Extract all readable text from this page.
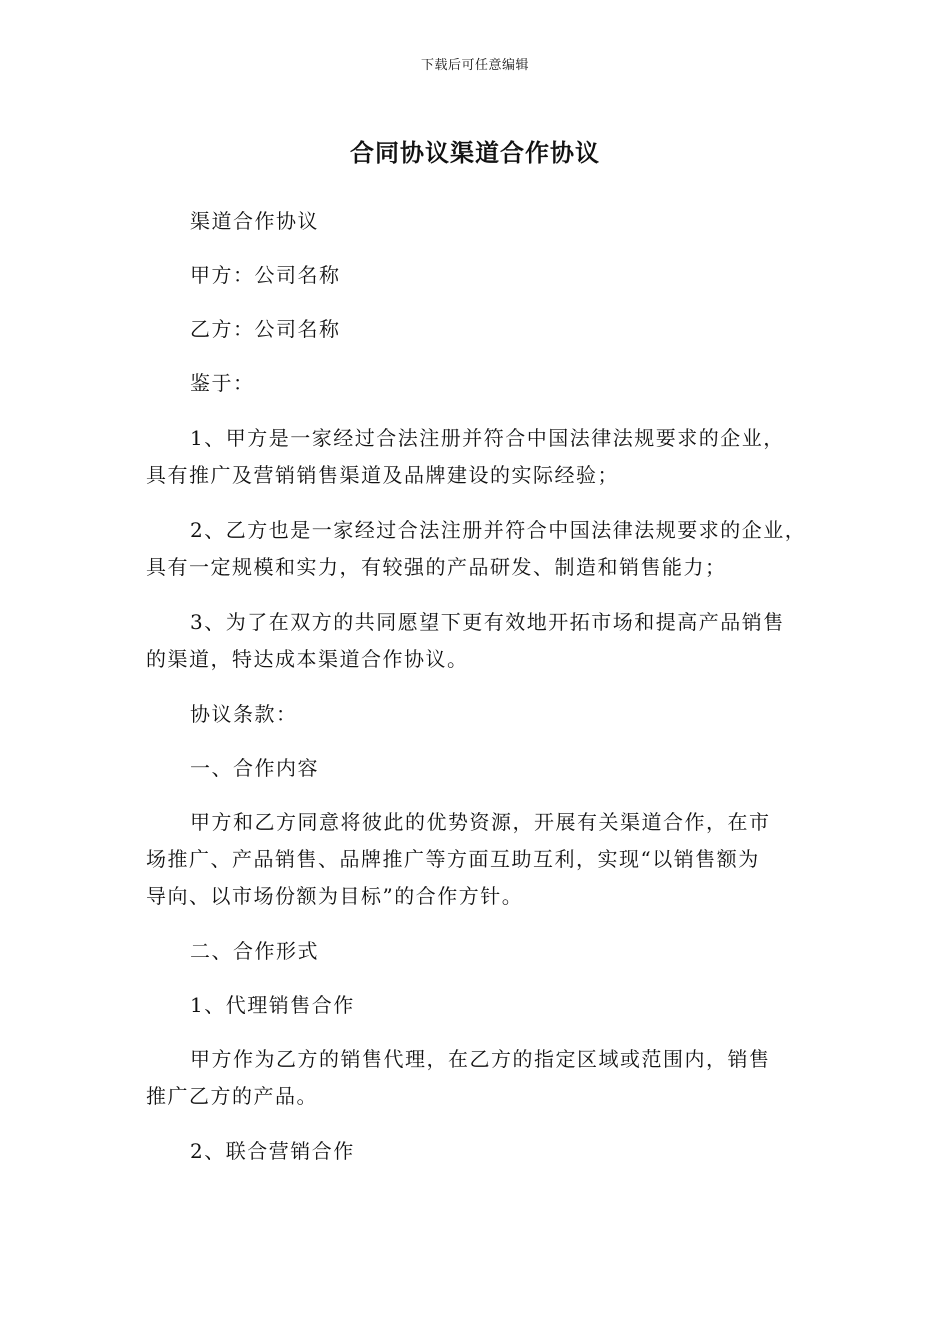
下载后可任意编辑
合同协议渠道合作协议
渠道合作协议
甲方：公司名称
乙方：公司名称
鉴于：
1、甲方是一家经过合法注册并符合中国法律法规要求的企业，
具有推广及营销销售渠道及品牌建设的实际经验；
2、乙方也是一家经过合法注册并符合中国法律法规要求的企业，
具有一定规模和实力，有较强的产品研发、制造和销售能力；
3、为了在双方的共同愿望下更有效地开拓市场和提高产品销售
的渠道，特达成本渠道合作协议。
协议条款：
一、合作内容
甲方和乙方同意将彼此的优势资源，开展有关渠道合作，在市
场推广、产品销售、品牌推广等方面互助互利，实现“以销售额为
导向、以市场份额为目标”的合作方针。
二、合作形式
1、代理销售合作
甲方作为乙方的销售代理，在乙方的指定区域或范围内，销售
推广乙方的产品。
2、联合营销合作
